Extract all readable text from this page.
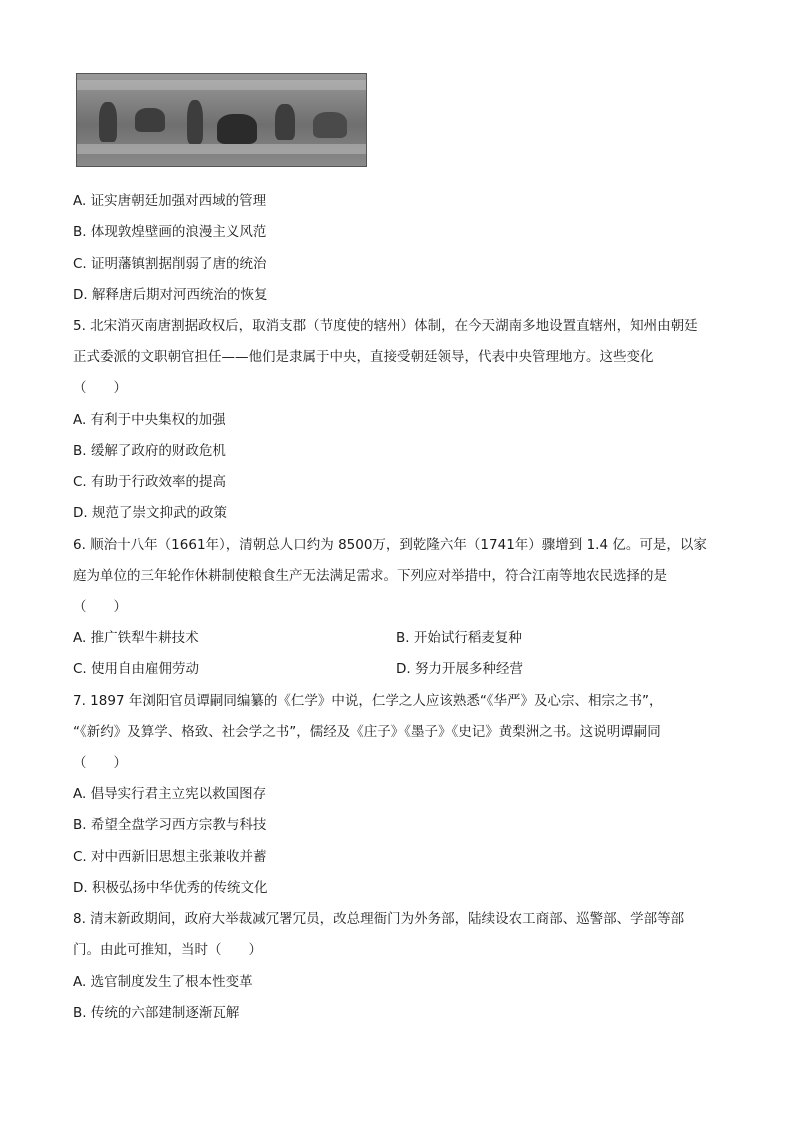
A. 证实唐朝廷加强对西域的管理
B. 体现敦煌壁画的浪漫主义风范
C. 证明藩镇割据削弱了唐的统治
D. 解释唐后期对河西统治的恢复
5. 北宋消灭南唐割据政权后，取消支郡（节度使的辖州）体制，在今天湖南多地设置直辖州，知州由朝廷
正式委派的文职朝官担任——他们是隶属于中央，直接受朝廷领导，代表中央管理地方。这些变化
（　　）
A. 有利于中央集权的加强
B. 缓解了政府的财政危机
C. 有助于行政效率的提高
D. 规范了崇文抑武的政策
6. 顺治十八年（1661年），清朝总人口约为 8500万，到乾隆六年（1741年）骤增到 1.4 亿。可是，以家
庭为单位的三年轮作休耕制使粮食生产无法满足需求。下列应对举措中，符合江南等地农民选择的是
（　　）
A. 推广铁犁牛耕技术	B. 开始试行稻麦复种
C. 使用自由雇佣劳动	D. 努力开展多种经营
7. 1897 年浏阳官员谭嗣同编纂的《仁学》中说，仁学之人应该熟悉“《华严》及心宗、相宗之书”，
“《新约》及算学、格致、社会学之书”，儒经及《庄子》《墨子》《史记》黄梨洲之书。这说明谭嗣同
（　　）
A. 倡导实行君主立宪以救国图存
B. 希望全盘学习西方宗教与科技
C. 对中西新旧思想主张兼收并蓄
D. 积极弘扬中华优秀的传统文化
8. 清末新政期间，政府大举裁减冗署冗员，改总理衙门为外务部，陆续设农工商部、巡警部、学部等部
门。由此可推知，当时（　　）
A. 选官制度发生了根本性变革
B. 传统的六部建制逐渐瓦解
